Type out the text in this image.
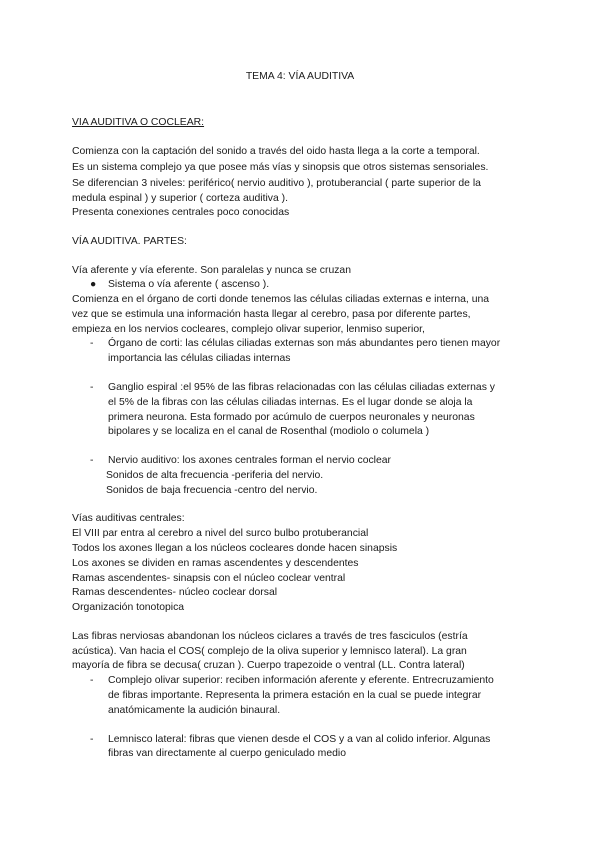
TEMA 4: VÍA AUDITIVA
VIA AUDITIVA O COCLEAR:
Comienza con la captación del sonido a través del oido hasta llega a la corte a temporal.
Es un sistema complejo ya que posee más vías y sinopsis que otros sistemas sensoriales.
Se diferencian 3 niveles: periférico( nervio auditivo ), protuberancial ( parte superior de la
medula espinal ) y superior ( corteza auditiva ).
Presenta conexiones centrales poco conocidas
VÍA AUDITIVA. PARTES:
Vía aferente y vía eferente. Son paralelas y nunca se cruzan
● Sistema o vía aferente ( ascenso ).
Comienza en el órgano de corti donde tenemos las células ciliadas externas e interna, una
vez que se estimula una información hasta llegar al cerebro, pasa por diferente partes,
empieza en los nervios cocleares, complejo olivar superior, lenmiso superior,
- Órgano de corti: las células ciliadas externas son más abundantes pero tienen mayor
importancia las células ciliadas internas
- Ganglio espiral :el 95% de las fibras relacionadas con las células ciliadas externas y
el 5% de la fibras con las células ciliadas internas. Es el lugar donde se aloja la
primera neurona. Esta formado por acúmulo de cuerpos neuronales y neuronas
bipolares y se localiza en el canal de Rosenthal (modiolo o columela )
- Nervio auditivo: los axones centrales forman el nervio coclear
Sonidos de alta frecuencia -periferia del nervio.
Sonidos de baja frecuencia -centro del nervio.
Vías auditivas centrales:
El VIII par entra al cerebro a nivel del surco bulbo protuberancial
Todos los axones llegan a los núcleos cocleares donde hacen sinapsis
Los axones se dividen en ramas ascendentes y descendentes
Ramas ascendentes- sinapsis con el núcleo coclear ventral
Ramas descendentes- núcleo coclear dorsal
Organización tonotopica
Las fibras nerviosas abandonan los núcleos ciclares a través de tres fasciculos (estría
acústica). Van hacia el COS( complejo de la oliva superior y lemnisco lateral). La gran
mayoría de fibra se decusa( cruzan ). Cuerpo trapezoide o ventral (LL. Contra lateral)
- Complejo olivar superior: reciben información aferente y eferente. Entrecruzamiento
de fibras importante. Representa la primera estación en la cual se puede integrar
anatómicamente la audición binaural.
- Lemnisco lateral: fibras que vienen desde el COS y a van al colido inferior. Algunas
fibras van directamente al cuerpo geniculado medio
